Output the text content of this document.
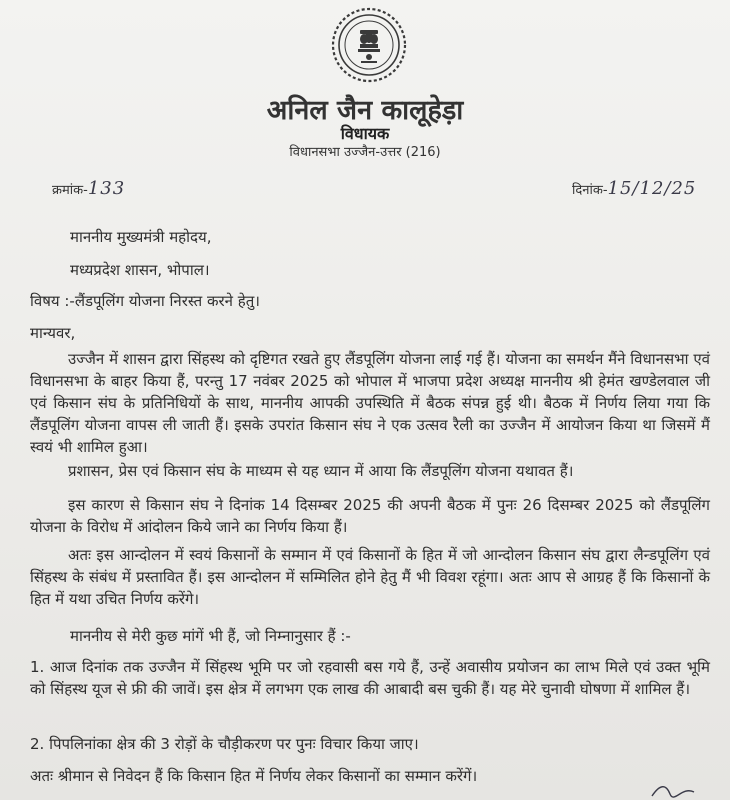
अनिल जैन कालूहेड़ा
विधायक
विधानसभा उज्जैन-उत्तर (216)
क्रमांक-133	दिनांक-15/12/25
माननीय मुख्यमंत्री महोदय,
मध्यप्रदेश शासन, भोपाल।
विषय :-लैंडपूलिंग योजना निरस्त करने हेतु।
मान्यवर,
उज्जैन में शासन द्वारा सिंहस्थ को दृष्टिगत रखते हुए लैंडपूलिंग योजना लाई गई हैं। योजना का समर्थन मैंने विधानसभा एवं विधानसभा के बाहर किया हैं, परन्तु 17 नवंबर 2025 को भोपाल में भाजपा प्रदेश अध्यक्ष माननीय श्री हेमंत खण्डेलवाल जी एवं किसान संघ के प्रतिनिधियों के साथ, माननीय आपकी उपस्थिति में बैठक संपन्न हुई थी। बैठक में निर्णय लिया गया कि लैंडपूलिंग योजना वापस ली जाती हैं। इसके उपरांत किसान संघ ने एक उत्सव रैली का उज्जैन में आयोजन किया था जिसमें मैं स्वयं भी शामिल हुआ।
प्रशासन, प्रेस एवं किसान संघ के माध्यम से यह ध्यान में आया कि लैंडपूलिंग योजना यथावत हैं।
इस कारण से किसान संघ ने दिनांक 14 दिसम्बर 2025 की अपनी बैठक में पुनः 26 दिसम्बर 2025 को लैंडपूलिंग योजना के विरोध में आंदोलन किये जाने का निर्णय किया हैं।
अतः इस आन्दोलन में स्वयं किसानों के सम्मान में एवं किसानों के हित में जो आन्दोलन किसान संघ द्वारा लैन्डपूलिंग एवं सिंहस्थ के संबंध में प्रस्तावित हैं। इस आन्दोलन में सम्मिलित होने हेतु मैं भी विवश रहूंगा। अतः आप से आग्रह हैं कि किसानों के हित में यथा उचित निर्णय करेंगे।
माननीय से मेरी कुछ मांगें भी हैं, जो निम्नानुसार हैं :-
1. आज दिनांक तक उज्जैन में सिंहस्थ भूमि पर जो रहवासी बस गये हैं, उन्हें अवासीय प्रयोजन का लाभ मिले एवं उक्त भूमि को सिंहस्थ यूज से फ्री की जावें। इस क्षेत्र में लगभग एक लाख की आबादी बस चुकी हैं। यह मेरे चुनावी घोषणा में शामिल हैं।
2. पिपलिनांका क्षेत्र की 3 रोड़ों के चौड़ीकरण पर पुनः विचार किया जाए।
अतः श्रीमान से निवेदन हैं कि किसान हित में निर्णय लेकर किसानों का सम्मान करेंगें।
